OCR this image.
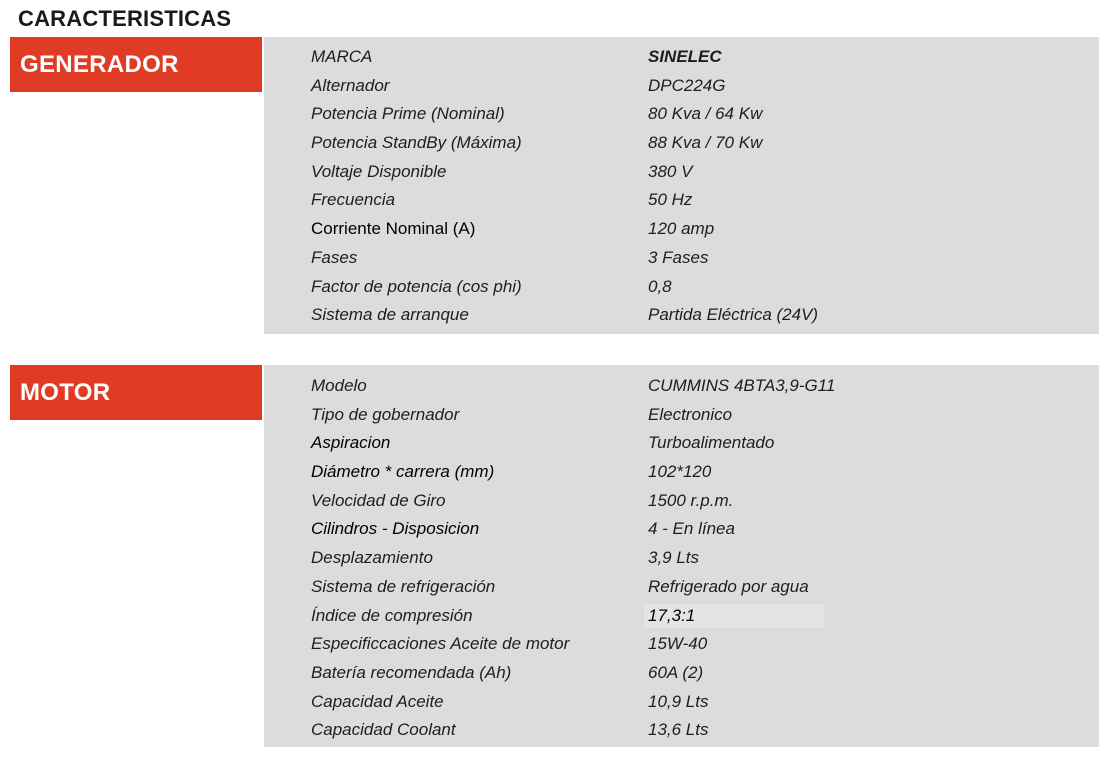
CARACTERISTICAS
GENERADOR	MARCA	SINELEC
Alternador	DPC224G
Potencia Prime (Nominal)	80 Kva / 64 Kw
Potencia StandBy (Máxima)	88 Kva / 70 Kw
Voltaje Disponible	380 V
Frecuencia	50 Hz
Corriente Nominal (A)	120 amp
Fases	3 Fases
Factor de potencia (cos phi)	0,8
Sistema de arranque	Partida Eléctrica (24V)
MOTOR	Modelo	CUMMINS 4BTA3,9-G11
Tipo de gobernador	Electronico
Aspiracion	Turboalimentado
Diámetro * carrera (mm)	102*120
Velocidad de Giro	1500 r.p.m.
Cilindros - Disposicion	4 - En línea
Desplazamiento	3,9 Lts
Sistema de refrigeración	Refrigerado por agua
Índice de compresión	17,3:1
Especificcaciones Aceite de motor	15W-40
Batería recomendada (Ah)	60A (2)
Capacidad Aceite	10,9 Lts
Capacidad Coolant	13,6 Lts
